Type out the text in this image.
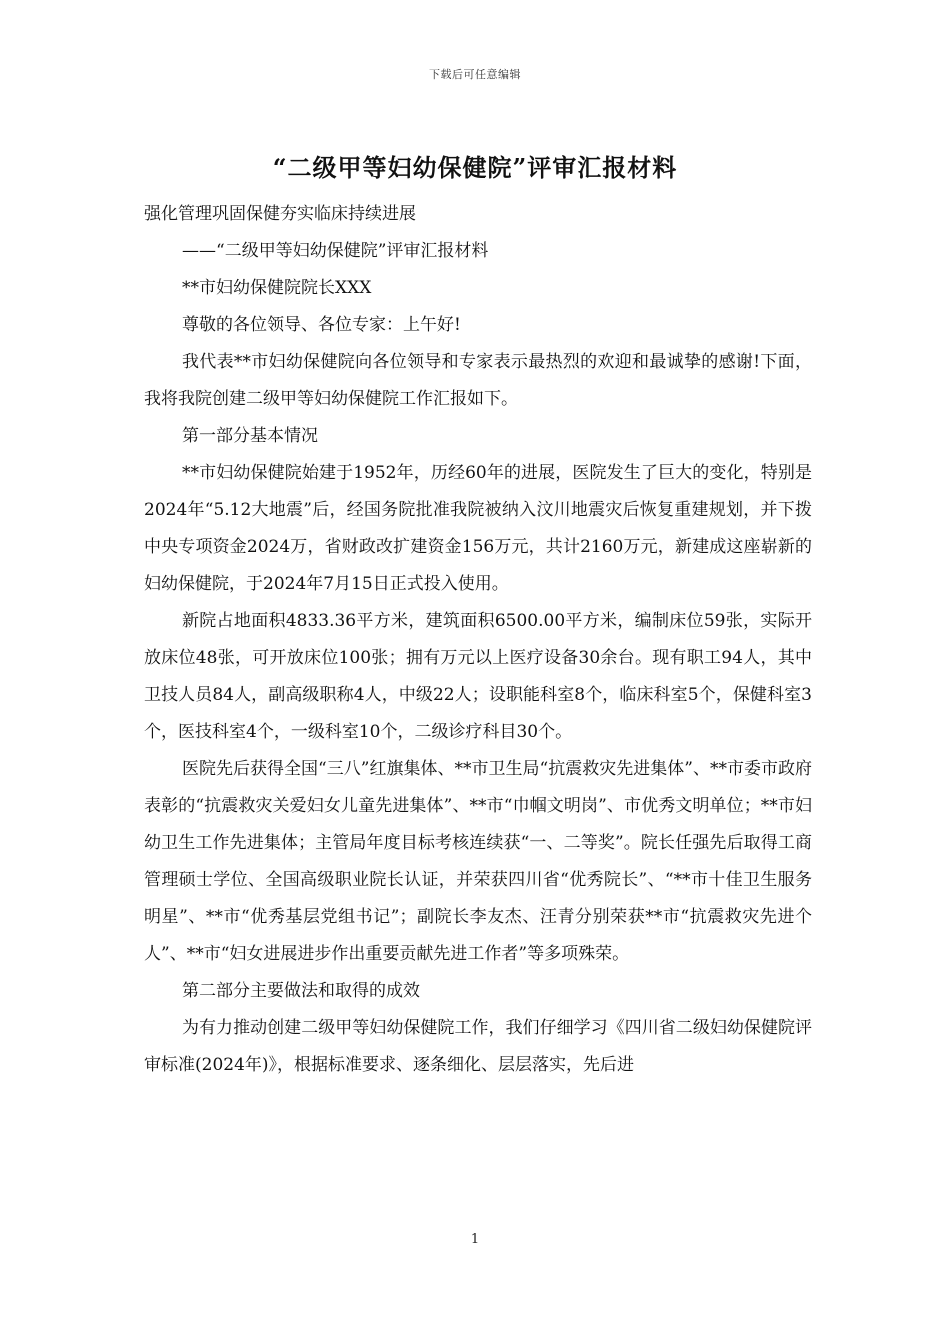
下载后可任意编辑
“二级甲等妇幼保健院”评审汇报材料

强化管理巩固保健夯实临床持续进展

——“二级甲等妇幼保健院”评审汇报材料

**市妇幼保健院院长XXX

尊敬的各位领导、各位专家：上午好!

我代表**市妇幼保健院向各位领导和专家表示最热烈的欢迎和最诚挚的感谢!下面，我将我院创建二级甲等妇幼保健院工作汇报如下。

第一部分基本情况

**市妇幼保健院始建于1952年，历经60年的进展，医院发生了巨大的变化，特别是2024年“5.12大地震”后，经国务院批准我院被纳入汶川地震灾后恢复重建规划，并下拨中央专项资金2024万，省财政改扩建资金156万元，共计2160万元，新建成这座崭新的妇幼保健院，于2024年7月15日正式投入使用。

新院占地面积4833.36平方米，建筑面积6500.00平方米，编制床位59张，实际开放床位48张，可开放床位100张；拥有万元以上医疗设备30余台。现有职工94人，其中卫技人员84人，副高级职称4人，中级22人；设职能科室8个，临床科室5个，保健科室3个，医技科室4个，一级科室10个，二级诊疗科目30个。

医院先后获得全国“三八”红旗集体、**市卫生局“抗震救灾先进集体”、**市委市政府表彰的“抗震救灾关爱妇女儿童先进集体”、**市“巾帼文明岗”、市优秀文明单位；**市妇幼卫生工作先进集体；主管局年度目标考核连续获“一、二等奖”。院长任强先后取得工商管理硕士学位、全国高级职业院长认证，并荣获四川省“优秀院长”、“**市十佳卫生服务明星”、**市“优秀基层党组书记”；副院长李友杰、汪青分别荣获**市“抗震救灾先进个人”、**市“妇女进展进步作出重要贡献先进工作者”等多项殊荣。

第二部分主要做法和取得的成效

为有力推动创建二级甲等妇幼保健院工作，我们仔细学习《四川省二级妇幼保健院评审标准(2024年)》，根据标准要求、逐条细化、层层落实，先后进

1
